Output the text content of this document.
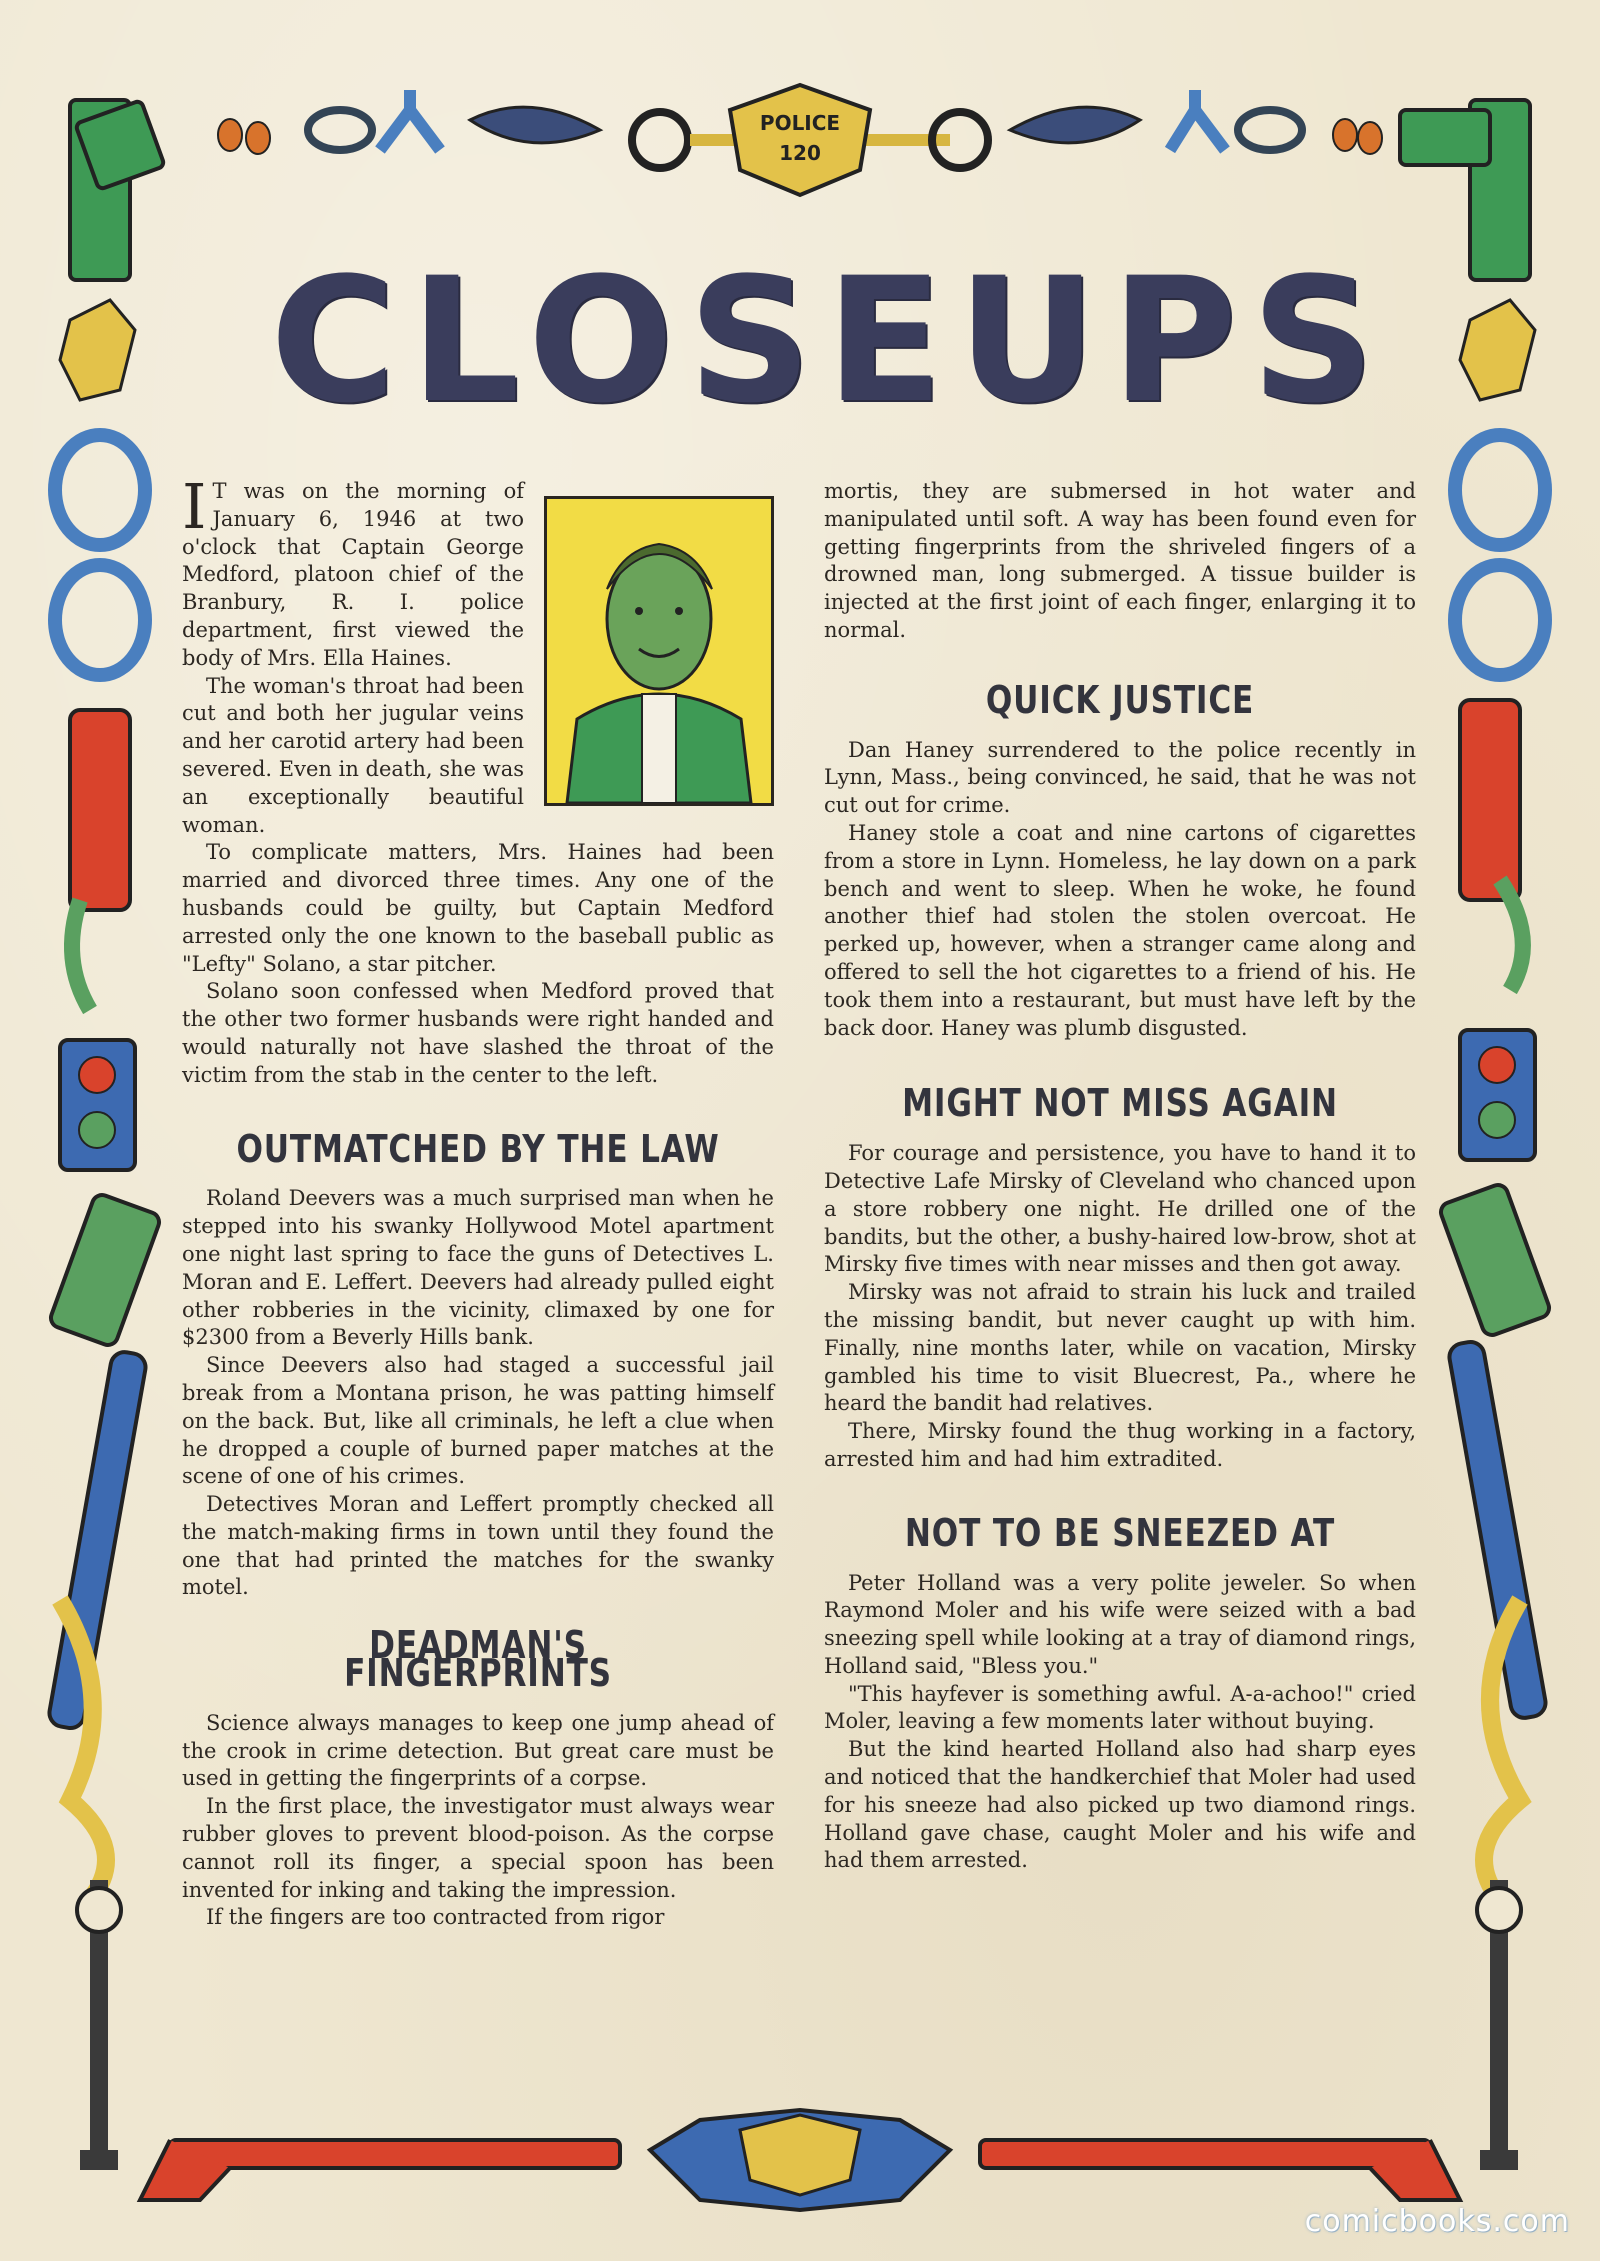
POLICE
120
CLOSEUPS

I T was on the morning of January 6, 1946 at two o'clock that Captain George Medford, platoon chief of the Branbury, R. I. police department, first viewed the body of Mrs. Ella Haines.

The woman's throat had been cut and both her jugular veins and her carotid artery had been severed. Even in death, she was an exceptionally beautiful woman.

To complicate matters, Mrs. Haines had been married and divorced three times. Any one of the husbands could be guilty, but Captain Medford arrested only the one known to the baseball public as "Lefty" Solano, a star pitcher.

Solano soon confessed when Medford proved that the other two former husbands were right handed and would naturally not have slashed the throat of the victim from the stab in the center to the left.

OUTMATCHED BY THE LAW

Roland Deevers was a much surprised man when he stepped into his swanky Hollywood Motel apartment one night last spring to face the guns of Detectives L. Moran and E. Leffert. Deevers had already pulled eight other robberies in the vicinity, climaxed by one for $2300 from a Beverly Hills bank.

Since Deevers also had staged a successful jail break from a Montana prison, he was patting himself on the back. But, like all criminals, he left a clue when he dropped a couple of burned paper matches at the scene of one of his crimes.

Detectives Moran and Leffert promptly checked all the match-making firms in town until they found the one that had printed the matches for the swanky motel.

DEADMAN'S FINGERPRINTS

Science always manages to keep one jump ahead of the crook in crime detection. But great care must be used in getting the fingerprints of a corpse.

In the first place, the investigator must always wear rubber gloves to prevent blood-poison. As the corpse cannot roll its finger, a special spoon has been invented for inking and taking the impression.

If the fingers are too contracted from rigor

mortis, they are submersed in hot water and manipulated until soft. A way has been found even for getting fingerprints from the shriveled fingers of a drowned man, long submerged. A tissue builder is injected at the first joint of each finger, enlarging it to normal.

QUICK JUSTICE

Dan Haney surrendered to the police recently in Lynn, Mass., being convinced, he said, that he was not cut out for crime.

Haney stole a coat and nine cartons of cigarettes from a store in Lynn. Homeless, he lay down on a park bench and went to sleep. When he woke, he found another thief had stolen the stolen overcoat. He perked up, however, when a stranger came along and offered to sell the hot cigarettes to a friend of his. He took them into a restaurant, but must have left by the back door. Haney was plumb disgusted.

MIGHT NOT MISS AGAIN

For courage and persistence, you have to hand it to Detective Lafe Mirsky of Cleveland who chanced upon a store robbery one night. He drilled one of the bandits, but the other, a bushy-haired low-brow, shot at Mirsky five times with near misses and then got away.

Mirsky was not afraid to strain his luck and trailed the missing bandit, but never caught up with him. Finally, nine months later, while on vacation, Mirsky gambled his time to visit Bluecrest, Pa., where he heard the bandit had relatives.

There, Mirsky found the thug working in a factory, arrested him and had him extradited.

NOT TO BE SNEEZED AT

Peter Holland was a very polite jeweler. So when Raymond Moler and his wife were seized with a bad sneezing spell while looking at a tray of diamond rings, Holland said, "Bless you."

"This hayfever is something awful. A-a-achoo!" cried Moler, leaving a few moments later without buying.

But the kind hearted Holland also had sharp eyes and noticed that the handkerchief that Moler had used for his sneeze had also picked up two diamond rings. Holland gave chase, caught Moler and his wife and had them arrested.

comicbooks.com
